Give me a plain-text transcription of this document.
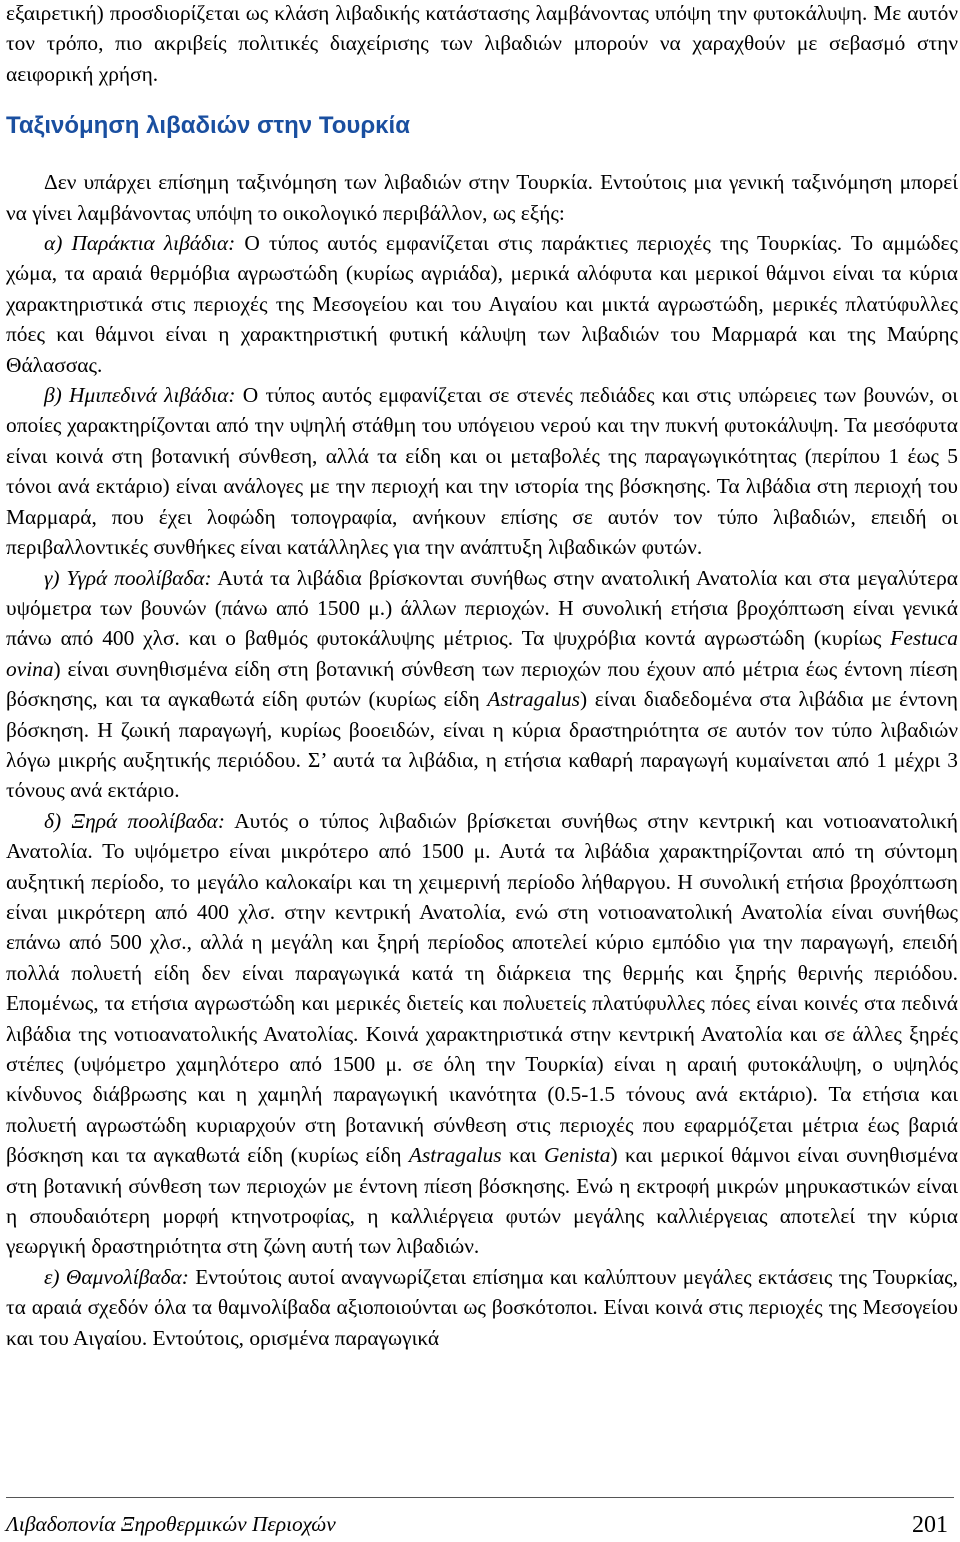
εξαιρετική) προσδιορίζεται ως κλάση λιβαδικής κατάστασης λαμβάνοντας υπόψη την φυτοκάλυψη. Με αυτόν τον τρόπο, πιο ακριβείς πολιτικές διαχείρισης των λιβαδιών μπορούν να χαραχθούν με σεβασμό στην αειφορική χρήση.

Ταξινόμηση λιβαδιών στην Τουρκία

Δεν υπάρχει επίσημη ταξινόμηση των λιβαδιών στην Τουρκία. Εντούτοις μια γενική ταξινόμηση μπορεί να γίνει λαμβάνοντας υπόψη το οικολογικό περιβάλλον, ως εξής:

α) Παράκτια λιβάδια: Ο τύπος αυτός εμφανίζεται στις παράκτιες περιοχές της Τουρκίας. Το αμμώδες χώμα, τα αραιά θερμόβια αγρωστώδη (κυρίως αγριάδα), μερικά αλόφυτα και μερικοί θάμνοι είναι τα κύρια χαρακτηριστικά στις περιοχές της Μεσογείου και του Αιγαίου και μικτά αγρωστώδη, μερικές πλατύφυλλες πόες και θάμνοι είναι η χαρακτηριστική φυτική κάλυψη των λιβαδιών του Μαρμαρά και της Μαύρης Θάλασσας.

β) Ημιπεδινά λιβάδια: Ο τύπος αυτός εμφανίζεται σε στενές πεδιάδες και στις υπώρειες των βουνών, οι οποίες χαρακτηρίζονται από την υψηλή στάθμη του υπόγειου νερού και την πυκνή φυτοκάλυψη. Τα μεσόφυτα είναι κοινά στη βοτανική σύνθεση, αλλά τα είδη και οι μεταβολές της παραγωγικότητας (περίπου 1 έως 5 τόνοι ανά εκτάριο) είναι ανάλογες με την περιοχή και την ιστορία της βόσκησης. Τα λιβάδια στη περιοχή του Μαρμαρά, που έχει λοφώδη τοπογραφία, ανήκουν επίσης σε αυτόν τον τύπο λιβαδιών, επειδή οι περιβαλλοντικές συνθήκες είναι κατάλληλες για την ανάπτυξη λιβαδικών φυτών.

γ) Υγρά ποολίβαδα: Αυτά τα λιβάδια βρίσκονται συνήθως στην ανατολική Ανατολία και στα μεγαλύτερα υψόμετρα των βουνών (πάνω από 1500 μ.) άλλων περιοχών. Η συνολική ετήσια βροχόπτωση είναι γενικά πάνω από 400 χλσ. και ο βαθμός φυτοκάλυψης μέτριος. Τα ψυχρόβια κοντά αγρωστώδη (κυρίως Festuca ovina) είναι συνηθισμένα είδη στη βοτανική σύνθεση των περιοχών που έχουν από μέτρια έως έντονη πίεση βόσκησης, και τα αγκαθωτά είδη φυτών (κυρίως είδη Astragalus) είναι διαδεδομένα στα λιβάδια με έντονη βόσκηση. Η ζωική παραγωγή, κυρίως βοοειδών, είναι η κύρια δραστηριότητα σε αυτόν τον τύπο λιβαδιών λόγω μικρής αυξητικής περιόδου. Σ’ αυτά τα λιβάδια, η ετήσια καθαρή παραγωγή κυμαίνεται από 1 μέχρι 3 τόνους ανά εκτάριο.

δ) Ξηρά ποολίβαδα: Αυτός ο τύπος λιβαδιών βρίσκεται συνήθως στην κεντρική και νοτιοανατολική Ανατολία. Το υψόμετρο είναι μικρότερο από 1500 μ. Αυτά τα λιβάδια χαρακτηρίζονται από τη σύντομη αυξητική περίοδο, το μεγάλο καλοκαίρι και τη χειμερινή περίοδο λήθαργου. Η συνολική ετήσια βροχόπτωση είναι μικρότερη από 400 χλσ. στην κεντρική Ανατολία, ενώ στη νοτιοανατολική Ανατολία είναι συνήθως επάνω από 500 χλσ., αλλά η μεγάλη και ξηρή περίοδος αποτελεί κύριο εμπόδιο για την παραγωγή, επειδή πολλά πολυετή είδη δεν είναι παραγωγικά κατά τη διάρκεια της θερμής και ξηρής θερινής περιόδου. Επομένως, τα ετήσια αγρωστώδη και μερικές διετείς και πολυετείς πλατύφυλλες πόες είναι κοινές στα πεδινά λιβάδια της νοτιοανατολικής Ανατολίας. Κοινά χαρακτηριστικά στην κεντρική Ανατολία και σε άλλες ξηρές στέπες (υψόμετρο χαμηλότερο από 1500 μ. σε όλη την Τουρκία) είναι η αραιή φυτοκάλυψη, ο υψηλός κίνδυνος διάβρωσης και η χαμηλή παραγωγική ικανότητα (0.5-1.5 τόνους ανά εκτάριο). Τα ετήσια και πολυετή αγρωστώδη κυριαρχούν στη βοτανική σύνθεση στις περιοχές που εφαρμόζεται μέτρια έως βαριά βόσκηση και τα αγκαθωτά είδη (κυρίως είδη Astragalus και Genista) και μερικοί θάμνοι είναι συνηθισμένα στη βοτανική σύνθεση των περιοχών με έντονη πίεση βόσκησης. Ενώ η εκτροφή μικρών μηρυκαστικών είναι η σπουδαιότερη μορφή κτηνοτροφίας, η καλλιέργεια φυτών μεγάλης καλλιέργειας αποτελεί την κύρια γεωργική δραστηριότητα στη ζώνη αυτή των λιβαδιών.

ε) Θαμνολίβαδα: Εντούτοις αυτοί αναγνωρίζεται επίσημα και καλύπτουν μεγάλες εκτάσεις της Τουρκίας, τα αραιά σχεδόν όλα τα θαμνολίβαδα αξιοποιούνται ως βοσκότοποι. Είναι κοινά στις περιοχές της Μεσογείου και του Αιγαίου. Εντούτοις, ορισμένα παραγωγικά

Λιβαδοπονία Ξηροθερμικών Περιοχών	201
